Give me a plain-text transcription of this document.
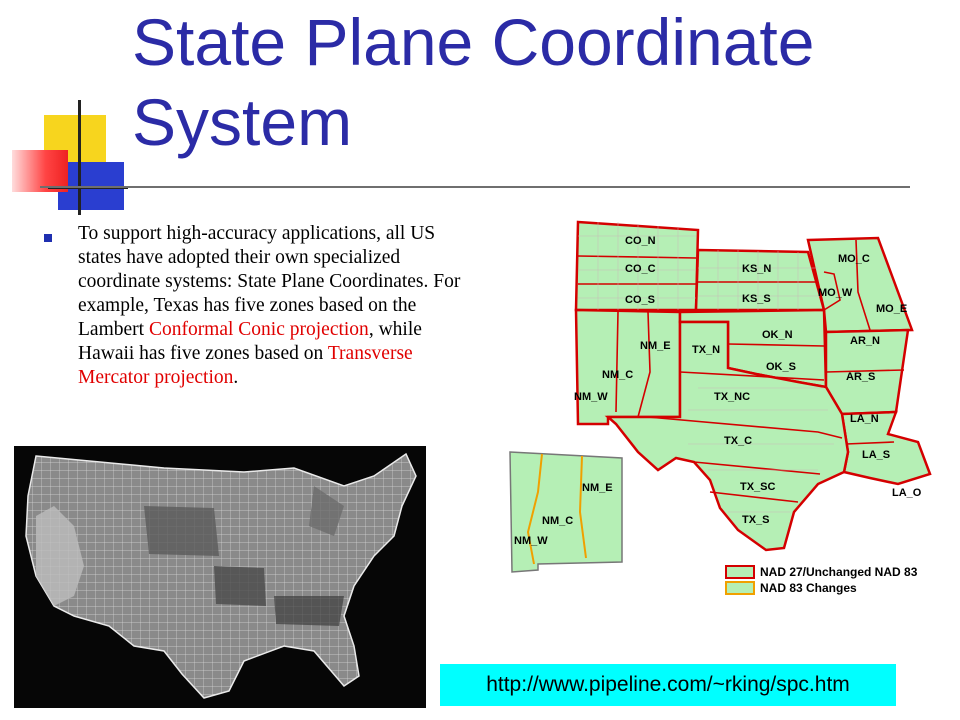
State Plane Coordinate System
To support high-accuracy applications, all US states have adopted their own specialized coordinate systems: State Plane Coordinates. For example, Texas has five zones based on the Lambert Conformal Conic projection, while Hawaii has five zones based on Transverse Mercator projection.
CO_N
CO_C
CO_S
KS_N
KS_S
MO_C
MO_W
MO_E
NM_E
NM_C
NM_W
TX_N
OK_N
OK_S
AR_N
AR_S
TX_NC
TX_C
LA_N
LA_S
TX_SC
TX_S
LA_O
NM_E
NM_C
NM_W
NAD 27/Unchanged NAD 83
NAD 83 Changes
http://www.pipeline.com/~rking/spc.htm
